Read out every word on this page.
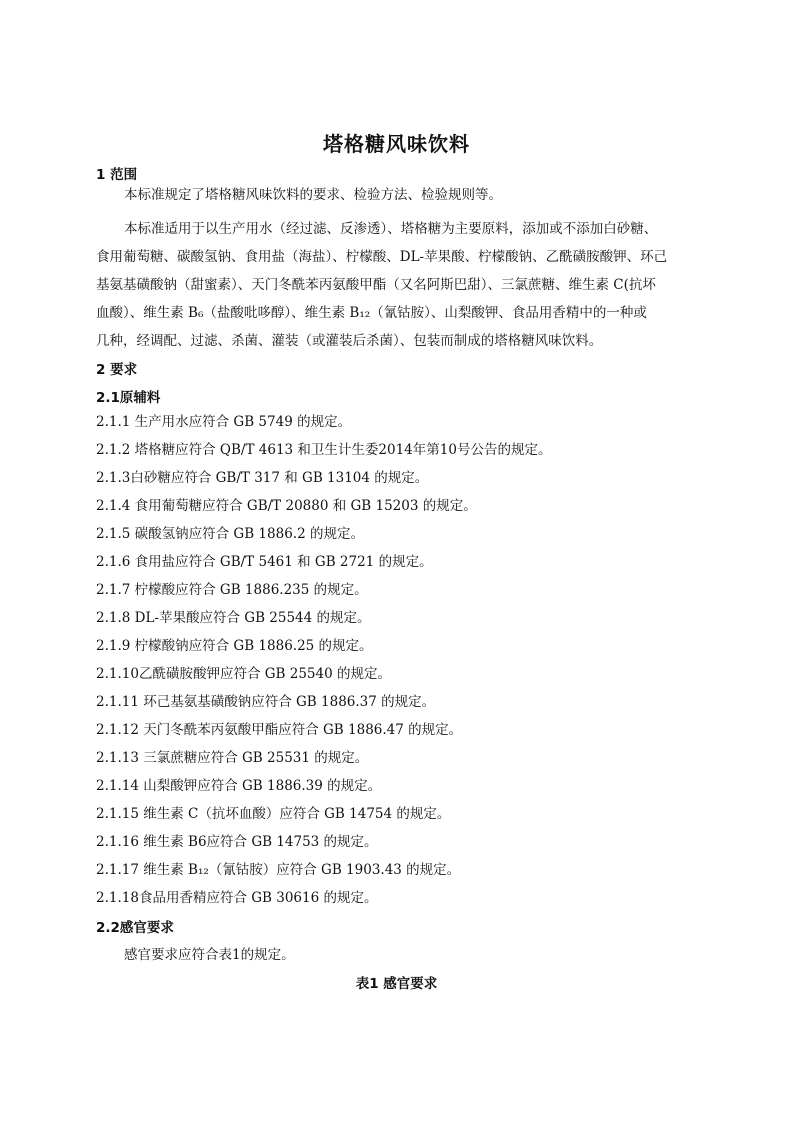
塔格糖风味饮料
1 范围
本标准规定了塔格糖风味饮料的要求、检验方法、检验规则等。
本标准适用于以生产用水（经过滤、反渗透）、塔格糖为主要原料，添加或不添加白砂糖、
食用葡萄糖、碳酸氢钠、食用盐（海盐）、柠檬酸、DL-苹果酸、柠檬酸钠、乙酰磺胺酸钾、环己
基氨基磺酸钠（甜蜜素）、天门冬酰苯丙氨酸甲酯（又名阿斯巴甜）、三氯蔗糖、维生素 C(抗坏
血酸）、维生素 B₆（盐酸吡哆醇）、维生素 B₁₂（氰钴胺）、山梨酸钾、食品用香精中的一种或
几种，经调配、过滤、杀菌、灌装（或灌装后杀菌）、包装而制成的塔格糖风味饮料。
2 要求
2.1原辅料
2.1.1 生产用水应符合 GB 5749 的规定。
2.1.2 塔格糖应符合 QB/T 4613 和卫生计生委2014年第10号公告的规定。
2.1.3白砂糖应符合 GB/T 317 和 GB 13104 的规定。
2.1.4 食用葡萄糖应符合 GB/T 20880 和 GB 15203 的规定。
2.1.5 碳酸氢钠应符合 GB 1886.2 的规定。
2.1.6 食用盐应符合 GB/T 5461 和 GB 2721 的规定。
2.1.7 柠檬酸应符合 GB 1886.235 的规定。
2.1.8 DL-苹果酸应符合 GB 25544 的规定。
2.1.9 柠檬酸钠应符合 GB 1886.25 的规定。
2.1.10乙酰磺胺酸钾应符合 GB 25540 的规定。
2.1.11 环己基氨基磺酸钠应符合 GB 1886.37 的规定。
2.1.12 天门冬酰苯丙氨酸甲酯应符合 GB 1886.47 的规定。
2.1.13 三氯蔗糖应符合 GB 25531 的规定。
2.1.14 山梨酸钾应符合 GB 1886.39 的规定。
2.1.15 维生素 C（抗坏血酸）应符合 GB 14754 的规定。
2.1.16 维生素 B6应符合 GB 14753 的规定。
2.1.17 维生素 B₁₂（氰钴胺）应符合 GB 1903.43 的规定。
2.1.18食品用香精应符合 GB 30616 的规定。
2.2感官要求
感官要求应符合表1的规定。
表1 感官要求
